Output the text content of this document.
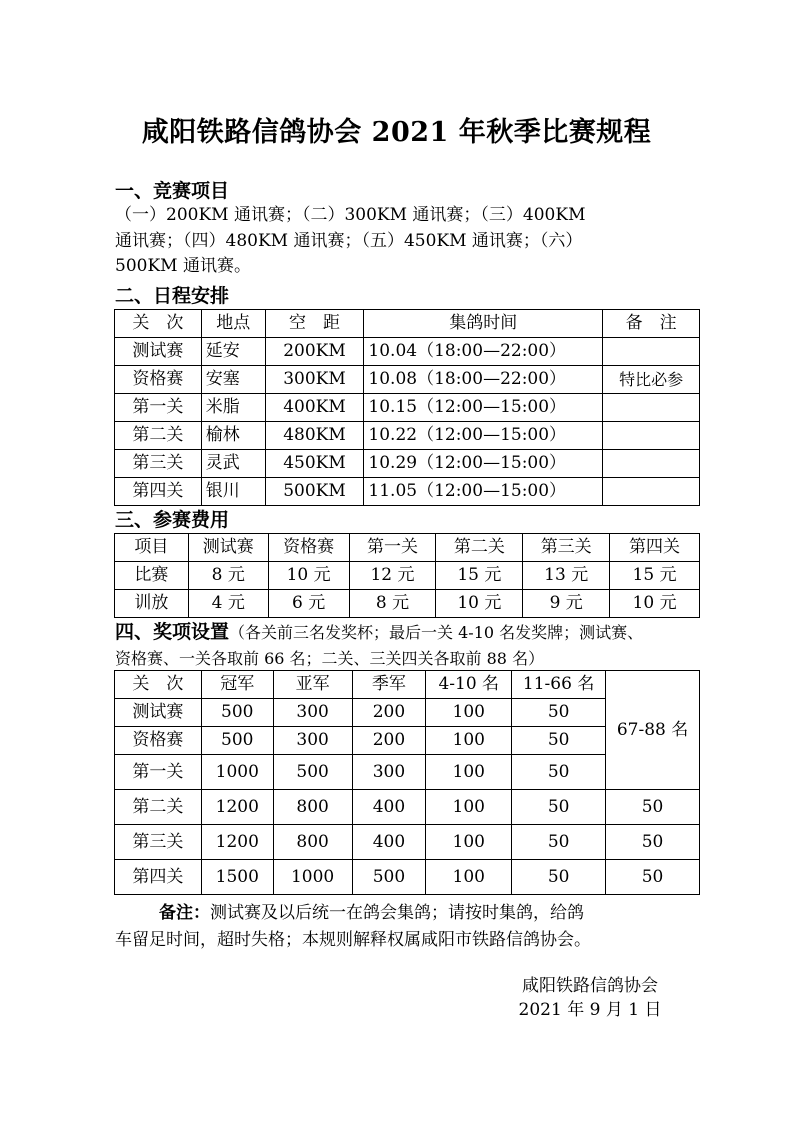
咸阳铁路信鸽协会 2021 年秋季比赛规程
一、竞赛项目
（一）200KM 通讯赛；（二）300KM 通讯赛；（三）400KM
通讯赛；（四）480KM 通讯赛；（五）450KM 通讯赛；（六）
500KM 通讯赛。
二、日程安排
关　次	地点	空　距	集鸽时间	备　注
测试赛	延安	200KM	10.04（18:00—22:00）	
资格赛	安塞	300KM	10.08（18:00—22:00）	特比必参
第一关	米脂	400KM	10.15（12:00—15:00）	
第二关	榆林	480KM	10.22（12:00—15:00）	
第三关	灵武	450KM	10.29（12:00—15:00）	
第四关	银川	500KM	11.05（12:00—15:00）	
三、参赛费用
项目	测试赛	资格赛	第一关	第二关	第三关	第四关
比赛	8 元	10 元	12 元	15 元	13 元	15 元
训放	4 元	6 元	8 元	10 元	9 元	10 元
四、奖项设置（各关前三名发奖杯；最后一关 4-10 名发奖牌；测试赛、
资格赛、一关各取前 66 名；二关、三关四关各取前 88 名）
关　次	冠军	亚军	季军	4-10 名	11-66 名	67-88 名
测试赛	500	300	200	100	50	
资格赛	500	300	200	100	50	
第一关	1000	500	300	100	50	
第二关	1200	800	400	100	50	50
第三关	1200	800	400	100	50	50
第四关	1500	1000	500	100	50	50
备注：测试赛及以后统一在鸽会集鸽；请按时集鸽，给鸽
车留足时间，超时失格；本规则解释权属咸阳市铁路信鸽协会。
咸阳铁路信鸽协会
2021 年 9 月 1 日
